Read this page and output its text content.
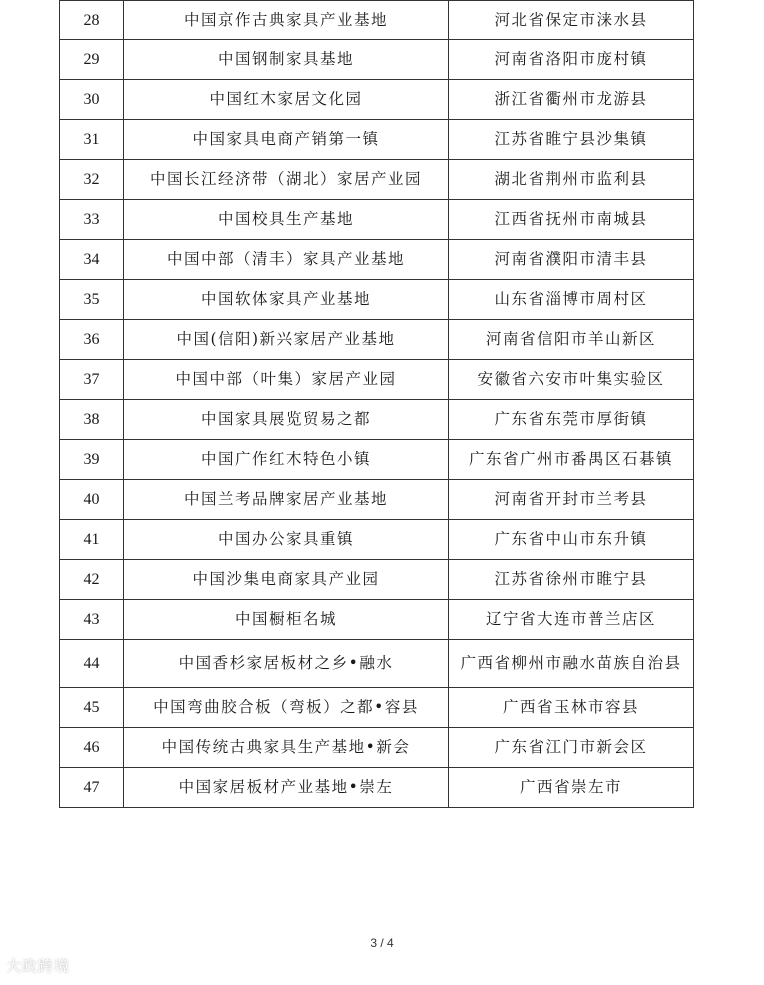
28	中国京作古典家具产业基地	河北省保定市涞水县
29	中国钢制家具基地	河南省洛阳市庞村镇
30	中国红木家居文化园	浙江省衢州市龙游县
31	中国家具电商产销第一镇	江苏省睢宁县沙集镇
32	中国长江经济带（湖北）家居产业园	湖北省荆州市监利县
33	中国校具生产基地	江西省抚州市南城县
34	中国中部（清丰）家具产业基地	河南省濮阳市清丰县
35	中国软体家具产业基地	山东省淄博市周村区
36	中国(信阳)新兴家居产业基地	河南省信阳市羊山新区
37	中国中部（叶集）家居产业园	安徽省六安市叶集实验区
38	中国家具展览贸易之都	广东省东莞市厚街镇
39	中国广作红木特色小镇	广东省广州市番禺区石碁镇
40	中国兰考品牌家居产业基地	河南省开封市兰考县
41	中国办公家具重镇	广东省中山市东升镇
42	中国沙集电商家具产业园	江苏省徐州市睢宁县
43	中国橱柜名城	辽宁省大连市普兰店区
44	中国香杉家居板材之乡•融水	广西省柳州市融水苗族自治县
45	中国弯曲胶合板（弯板）之都•容县	广西省玉林市容县
46	中国传统古典家具生产基地•新会	广东省江门市新会区
47	中国家居板材产业基地•崇左	广西省崇左市
3 / 4
大政跨境
